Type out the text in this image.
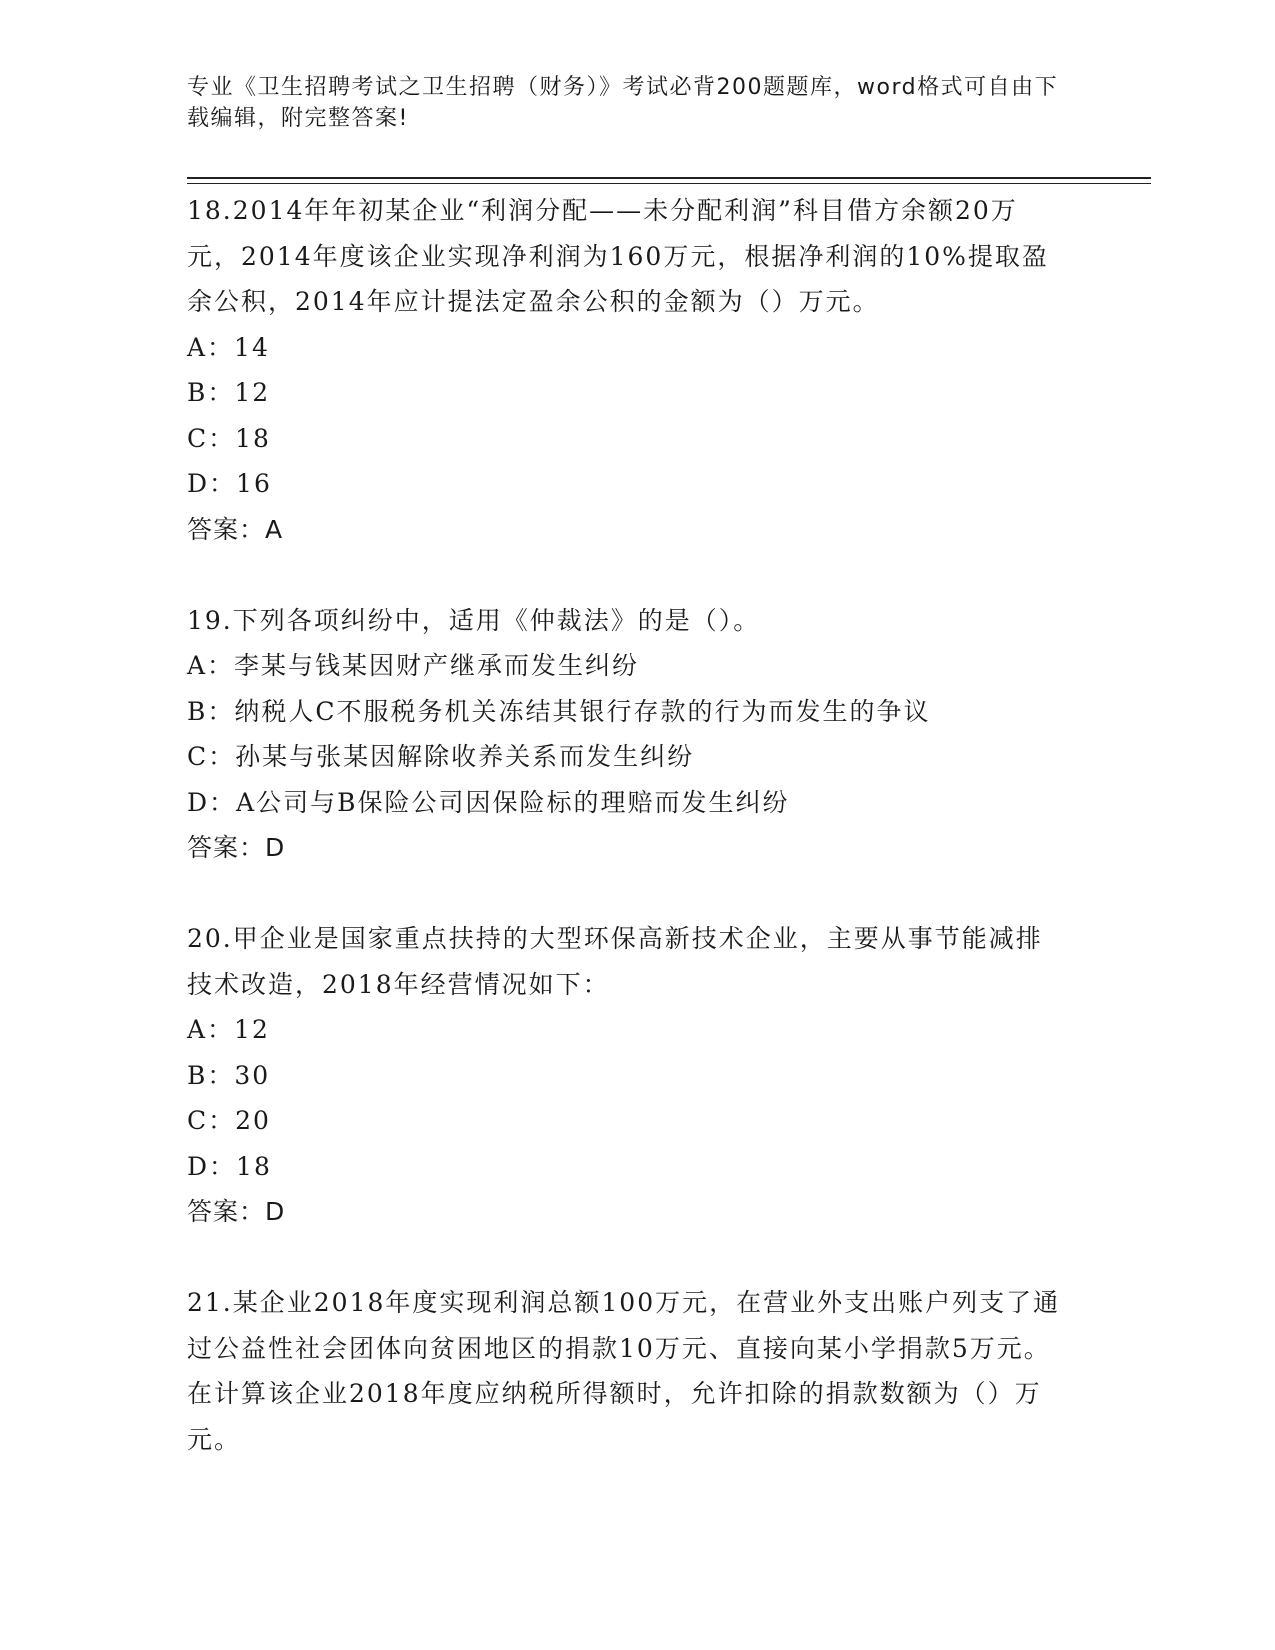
专业《卫生招聘考试之卫生招聘（财务）》考试必背200题题库，word格式可自由下载编辑，附完整答案!

18.2014年年初某企业“利润分配——未分配利润”科目借方余额20万元，2014年度该企业实现净利润为160万元，根据净利润的10%提取盈余公积，2014年应计提法定盈余公积的金额为（）万元。

A：14

B：12

C：18

D：16

答案：A

19.下列各项纠纷中，适用《仲裁法》的是（）。

A：李某与钱某因财产继承而发生纠纷

B：纳税人C不服税务机关冻结其银行存款的行为而发生的争议

C：孙某与张某因解除收养关系而发生纠纷

D：A公司与B保险公司因保险标的理赔而发生纠纷

答案：D

20.甲企业是国家重点扶持的大型环保高新技术企业，主要从事节能减排技术改造，2018年经营情况如下：

A：12

B：30

C：20

D：18

答案：D

21.某企业2018年度实现利润总额100万元，在营业外支出账户列支了通过公益性社会团体向贫困地区的捐款10万元、直接向某小学捐款5万元。在计算该企业2018年度应纳税所得额时，允许扣除的捐款数额为（）万元。
